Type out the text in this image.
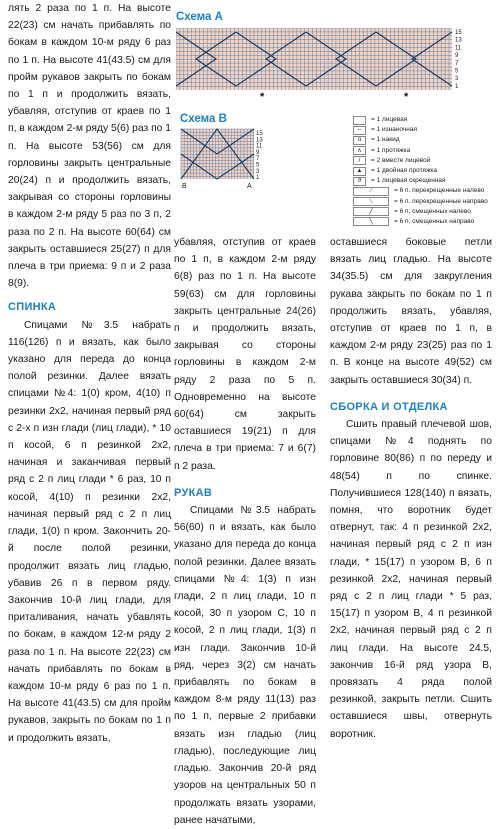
лять 2 раза по 1 п. На высоте 22(23) см начать прибавлять по бокам в каждом 10-м ряду 6 раз по 1 п. На высоте 41(43.5) см для пройм рукавов закрыть по бокам по 1 п и продолжить вязать, убавляя, отступив от краев по 1 п, в каждом 2-м ряду 5(6) раз по 1 п. На высоте 53(56) см для горловины закрыть центральные 20(24) п и продолжить вязать, закрывая со стороны горловины в каждом 2-м ряду 5 раз по 3 п, 2 раза по 2 п. На высоте 60(64) см закрыть оставшиеся 25(27) п для плеча в три приема: 9 п и 2 раза 8(9).

СПИНКА

Спицами №3.5 набрать 116(126) п и вязать, как было указано для переда до конца полой резинки. Далее вязать спицами №4: 1(0) кром, 4(10) п резинки 2х2, начиная первый ряд с 2-х п изн глади (лиц глади), * 10 п косой, 6 п резинкой 2х2, начиная и заканчивая первый ряд с 2 п лиц глади * 6 раз, 10 п косой, 4(10) п резинки 2х2, начиная первый ряд с 2 п лиц глади, 1(0) п кром. Закончить 20-й после полой резинки, продолжит вязать лиц гладью, убавив 26 п в первом ряду. Закончив 10-й лиц глади, для приталивания, начать убавлять по бокам, в каждом 12-м ряду 2 раза по 1 п. На высоте 22(23) см начать прибавлять по бокам в каждом 10-м ряду 6 раз по 1 п. На высоте 41(43.5) см для пройм рукавов, закрыть по бокам по 1 п и продолжить вязать,

Схема А
15 13 11 9 7 5 3 1
*	*
Схема В
15 13 11 9 7 5 3 1
В	А
= 1 лицевая
–	= 1 изнаночная
o	= 1 накид
∧	= 1 протяжка
/	= 2 вместе лицевой
▲	= 1 двойная протяжка
ϑ	= 1 лицевая скрещенная
⟋	= 6 п. перекрещенные налево
⟍	= 6 п. перекрещенные направо
╱	= 6 п. смещенных налево
╲	= 6 п. смещенных направо

убавляя, отступив от краев по 1 п, в каждом 2-м ряду 6(8) раз по 1 п. На высоте 59(63) см для горловины закрыть центральные 24(26) п и продолжить вязать, закрывая со стороны горловины в каждом 2-м ряду 2 раза по 5 п. Одновременно на высоте 60(64) см закрыть оставшиеся 19(21) п для плеча в три приема: 7 и 6(7) п 2 раза.

РУКАВ

Спицами №3.5 набрать 56(60) п и вязать, как было указано для переда до конца полой резинки. Далее вязать спицами №4: 1(3) п изн глади, 2 п лиц глади, 10 п косой, 30 п узором С, 10 п косой, 2 п лиц глади, 1(3) п изн глади. Закончив 10-й ряд, через 3(2) см начать прибавлять по бокам в каждом 8-м ряду 11(13) раз по 1 п, первые 2 прибавки вязать изн гладью (лиц гладью), последующие лиц гладью. Закончив 20-й ряд узоров на центральных 50 п продолжать вязать узорами, ранее начатыми,

оставшиеся боковые петли вязать лиц гладью. На высоте 34(35.5) см для закругления рукава закрыть по бокам по 1 п продолжить вязать, убавляя, отступив от краев по 1 п, в каждом 2-м ряду 23(25) раз по 1 п. В конце на высоте 49(52) см закрыть оставшиеся 30(34) п.

СБОРКА И ОТДЕЛКА

Сшить правый плечевой шов, спицами №4 поднять по горловине 80(86) п по переду и 48(54) п по спинке. Получившиеся 128(140) п вязать, помня, что воротник будет отвернут, так: 4 п резинкой 2х2, начиная первый ряд с 2 п изн глади, * 15(17) п узором В, 6 п резинкой 2х2, начиная первый ряд с 2 п лиц глади * 5 раз, 15(17) п узором В, 4 п резинкой 2х2, начиная первый ряд с 2 п лиц глади. На высоте 24.5, закончив 16-й ряд узора В, провязать 4 ряда полой резинкой, закрыть петли. Сшить оставшиеся швы, отвернуть воротник.
